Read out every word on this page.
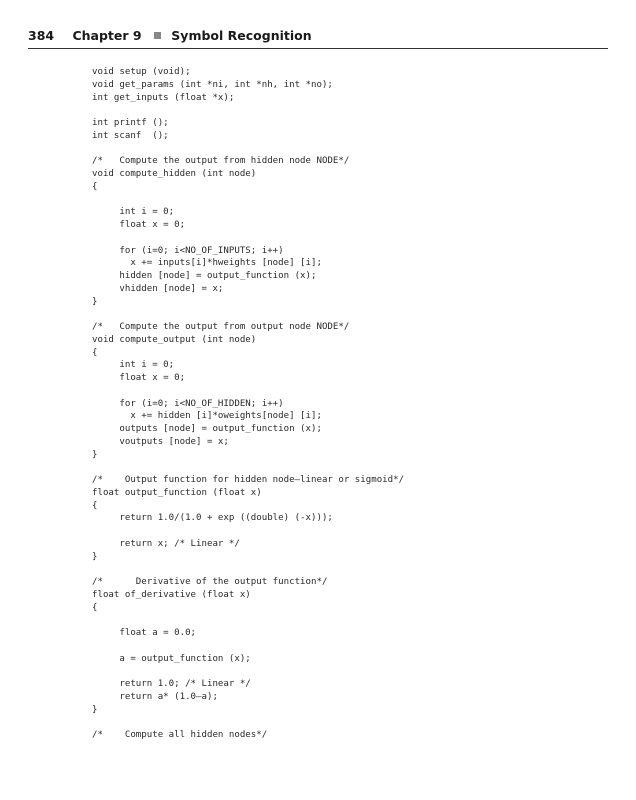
384 Chapter 9 Symbol Recognition
void setup (void);
void get_params (int *ni, int *nh, int *no);
int get_inputs (float *x);
int printf ();
int scanf  ();
/*   Compute the output from hidden node NODE*/
void compute_hidden (int node)
{
int i = 0;
float x = 0;
for (i=0; i<NO_OF_INPUTS; i++)
x += inputs[i]*hweights [node] [i];
hidden [node] = output_function (x);
vhidden [node] = x;
}
/*   Compute the output from output node NODE*/
void compute_output (int node)
{
int i = 0;
float x = 0;
for (i=0; i<NO_OF_HIDDEN; i++)
x += hidden [i]*oweights[node] [i];
outputs [node] = output_function (x);
voutputs [node] = x;
}
/*    Output function for hidden node—linear or sigmoid*/
float output_function (float x)
{
return 1.0/(1.0 + exp ((double) (-x)));
return x; /* Linear */
}
/*      Derivative of the output function*/
float of_derivative (float x)
{
float a = 0.0;
a = output_function (x);
return 1.0; /* Linear */
return a* (1.0—a);
}
/*    Compute all hidden nodes*/
